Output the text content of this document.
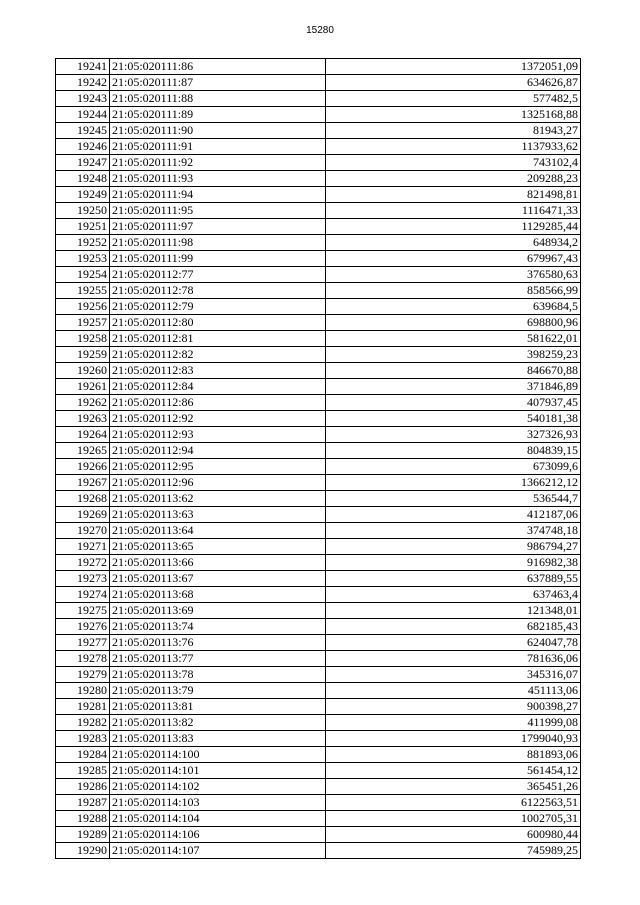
15280
19241	21:05:020111:86	1372051,09
19242	21:05:020111:87	634626,87
19243	21:05:020111:88	577482,5
19244	21:05:020111:89	1325168,88
19245	21:05:020111:90	81943,27
19246	21:05:020111:91	1137933,62
19247	21:05:020111:92	743102,4
19248	21:05:020111:93	209288,23
19249	21:05:020111:94	821498,81
19250	21:05:020111:95	1116471,33
19251	21:05:020111:97	1129285,44
19252	21:05:020111:98	648934,2
19253	21:05:020111:99	679967,43
19254	21:05:020112:77	376580,63
19255	21:05:020112:78	858566,99
19256	21:05:020112:79	639684,5
19257	21:05:020112:80	698800,96
19258	21:05:020112:81	581622,01
19259	21:05:020112:82	398259,23
19260	21:05:020112:83	846670,88
19261	21:05:020112:84	371846,89
19262	21:05:020112:86	407937,45
19263	21:05:020112:92	540181,38
19264	21:05:020112:93	327326,93
19265	21:05:020112:94	804839,15
19266	21:05:020112:95	673099,6
19267	21:05:020112:96	1366212,12
19268	21:05:020113:62	536544,7
19269	21:05:020113:63	412187,06
19270	21:05:020113:64	374748,18
19271	21:05:020113:65	986794,27
19272	21:05:020113:66	916982,38
19273	21:05:020113:67	637889,55
19274	21:05:020113:68	637463,4
19275	21:05:020113:69	121348,01
19276	21:05:020113:74	682185,43
19277	21:05:020113:76	624047,78
19278	21:05:020113:77	781636,06
19279	21:05:020113:78	345316,07
19280	21:05:020113:79	451113,06
19281	21:05:020113:81	900398,27
19282	21:05:020113:82	411999,08
19283	21:05:020113:83	1799040,93
19284	21:05:020114:100	881893,06
19285	21:05:020114:101	561454,12
19286	21:05:020114:102	365451,26
19287	21:05:020114:103	6122563,51
19288	21:05:020114:104	1002705,31
19289	21:05:020114:106	600980,44
19290	21:05:020114:107	745989,25
